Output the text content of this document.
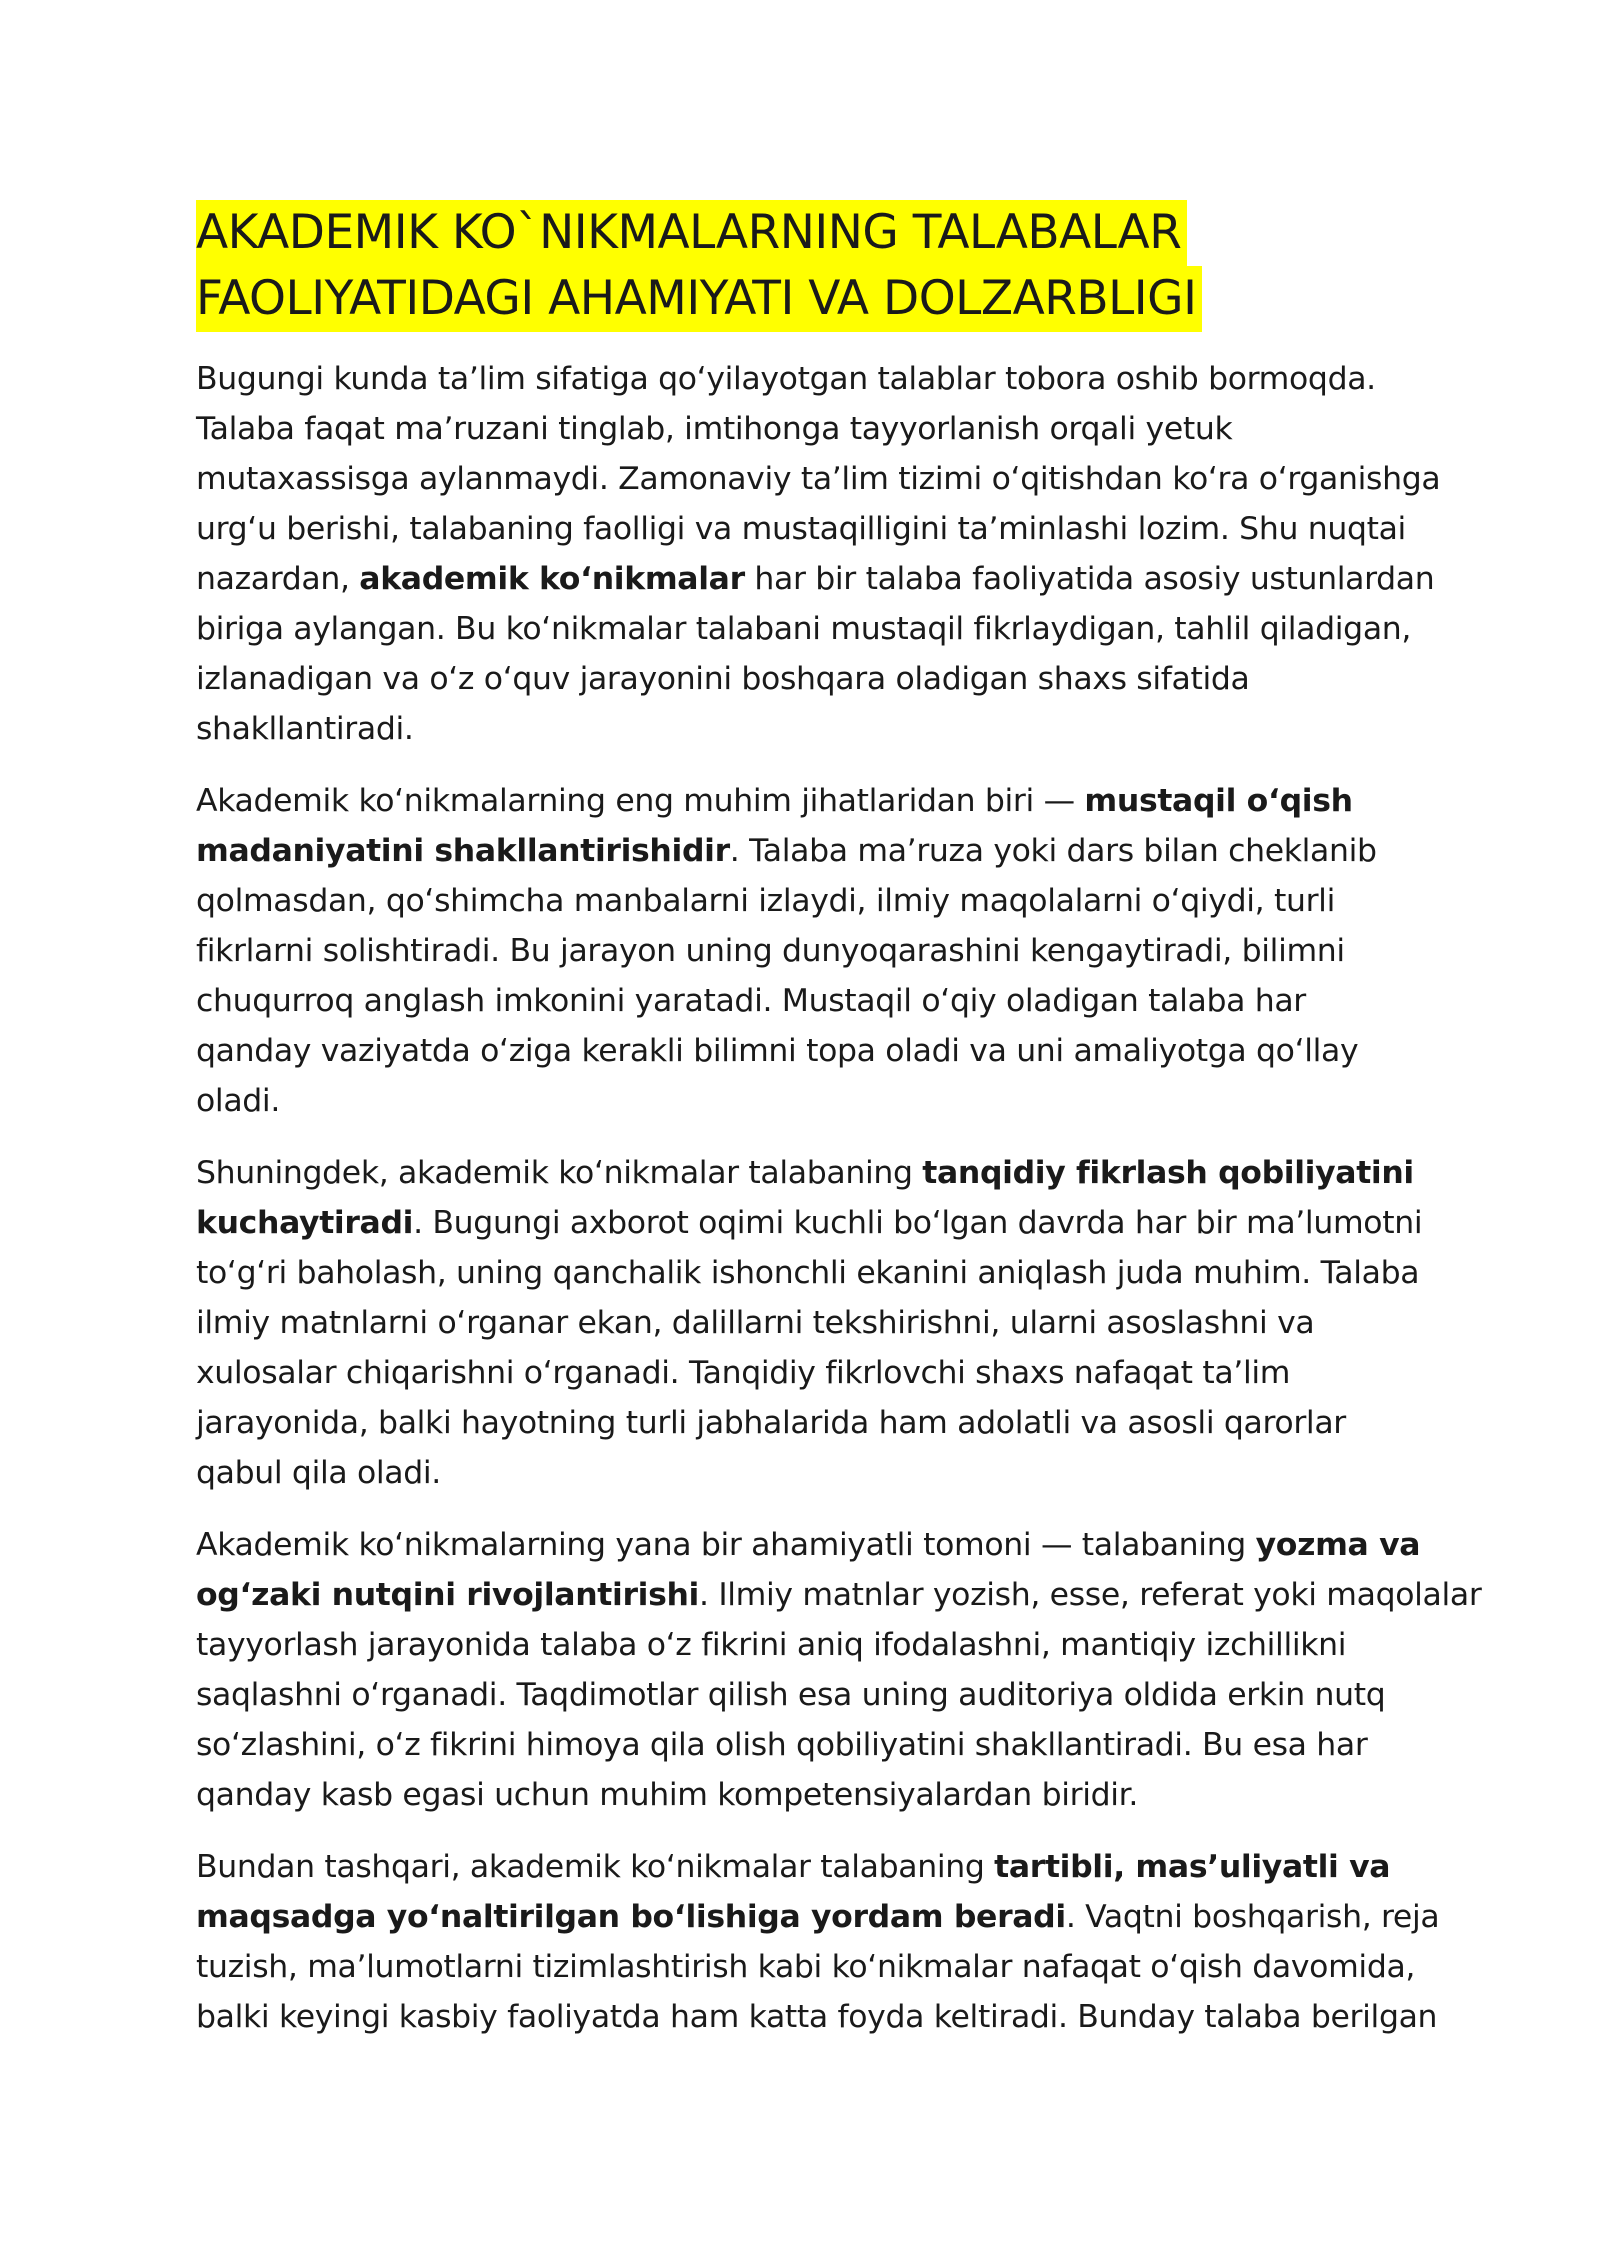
AKADEMIK KO`NIKMALARNING TALABALAR
FAOLIYATIDAGI AHAMIYATI VA DOLZARBLIGI

Bugungi kunda taʼlim sifatiga qoʻyilayotgan talablar tobora oshib bormoqda.
Talaba faqat maʼruzani tinglab, imtihonga tayyorlanish orqali yetuk
mutaxassisga aylanmaydi. Zamonaviy taʼlim tizimi oʻqitishdan koʻra oʻrganishga
urgʻu berishi, talabaning faolligi va mustaqilligini taʼminlashi lozim. Shu nuqtai
nazardan, akademik koʻnikmalar har bir talaba faoliyatida asosiy ustunlardan
biriga aylangan. Bu koʻnikmalar talabani mustaqil fikrlaydigan, tahlil qiladigan,
izlanadigan va oʻz oʻquv jarayonini boshqara oladigan shaxs sifatida
shakllantiradi.

Akademik koʻnikmalarning eng muhim jihatlaridan biri — mustaqil oʻqish
madaniyatini shakllantirishidir. Talaba maʼruza yoki dars bilan cheklanib
qolmasdan, qoʻshimcha manbalarni izlaydi, ilmiy maqolalarni oʻqiydi, turli
fikrlarni solishtiradi. Bu jarayon uning dunyoqarashini kengaytiradi, bilimni
chuqurroq anglash imkonini yaratadi. Mustaqil oʻqiy oladigan talaba har
qanday vaziyatda oʻziga kerakli bilimni topa oladi va uni amaliyotga qoʻllay
oladi.

Shuningdek, akademik koʻnikmalar talabaning tanqidiy fikrlash qobiliyatini
kuchaytiradi. Bugungi axborot oqimi kuchli boʻlgan davrda har bir maʼlumotni
toʻgʻri baholash, uning qanchalik ishonchli ekanini aniqlash juda muhim. Talaba
ilmiy matnlarni oʻrganar ekan, dalillarni tekshirishni, ularni asoslashni va
xulosalar chiqarishni oʻrganadi. Tanqidiy fikrlovchi shaxs nafaqat taʼlim
jarayonida, balki hayotning turli jabhalarida ham adolatli va asosli qarorlar
qabul qila oladi.

Akademik koʻnikmalarning yana bir ahamiyatli tomoni — talabaning yozma va
ogʻzaki nutqini rivojlantirishi. Ilmiy matnlar yozish, esse, referat yoki maqolalar
tayyorlash jarayonida talaba oʻz fikrini aniq ifodalashni, mantiqiy izchillikni
saqlashni oʻrganadi. Taqdimotlar qilish esa uning auditoriya oldida erkin nutq
soʻzlashini, oʻz fikrini himoya qila olish qobiliyatini shakllantiradi. Bu esa har
qanday kasb egasi uchun muhim kompetensiyalardan biridir.

Bundan tashqari, akademik koʻnikmalar talabaning tartibli, masʼuliyatli va
maqsadga yoʻnaltirilgan boʻlishiga yordam beradi. Vaqtni boshqarish, reja
tuzish, maʼlumotlarni tizimlashtirish kabi koʻnikmalar nafaqat oʻqish davomida,
balki keyingi kasbiy faoliyatda ham katta foyda keltiradi. Bunday talaba berilgan
